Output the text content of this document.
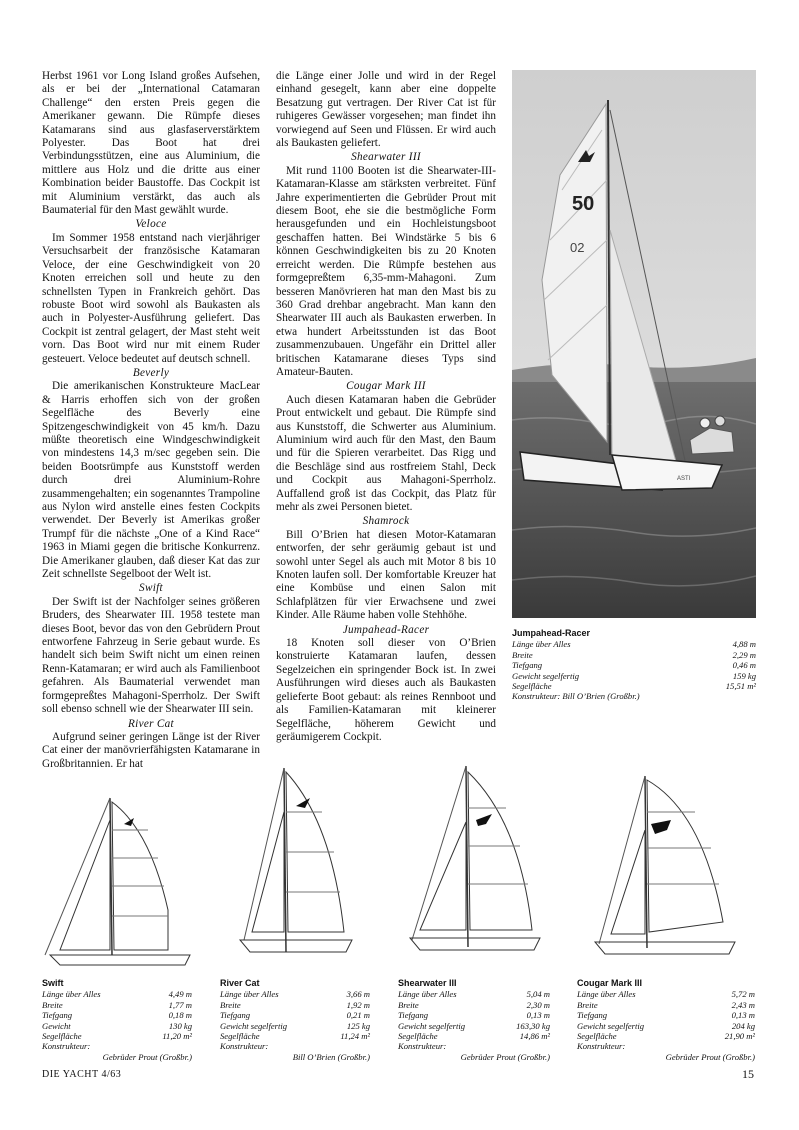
Herbst 1961 vor Long Island großes Aufsehen, als er bei der „International Catamaran Challenge“ den ersten Preis gegen die Amerikaner gewann. Die Rümpfe dieses Katamarans sind aus glasfaserverstärktem Polyester. Das Boot hat drei Verbindungsstützen, eine aus Aluminium, die mittlere aus Holz und die dritte aus einer Kombination beider Baustoffe. Das Cockpit ist mit Aluminium verstärkt, das auch als Baumaterial für den Mast gewählt wurde.

Veloce

Im Sommer 1958 entstand nach vierjähriger Versuchsarbeit der französische Katamaran Veloce, der eine Geschwindigkeit von 20 Knoten erreichen soll und heute zu den schnellsten Typen in Frankreich gehört. Das robuste Boot wird sowohl als Baukasten als auch in Polyester-Ausführung geliefert. Das Cockpit ist zentral gelagert, der Mast steht weit vorn. Das Boot wird nur mit einem Ruder gesteuert. Veloce bedeutet auf deutsch schnell.

Beverly

Die amerikanischen Konstrukteure MacLear & Harris erhoffen sich von der großen Segelfläche des Beverly eine Spitzengeschwindigkeit von 45 km/h. Dazu müßte theoretisch eine Windgeschwindigkeit von mindestens 14,3 m/sec gegeben sein. Die beiden Bootsrümpfe aus Kunststoff werden durch drei Aluminium-Rohre zusammengehalten; ein sogenanntes Trampoline aus Nylon wird anstelle eines festen Cockpits verwendet. Der Beverly ist Amerikas großer Trumpf für die nächste „One of a Kind Race“ 1963 in Miami gegen die britische Konkurrenz. Die Amerikaner glauben, daß dieser Kat das zur Zeit schnellste Segelboot der Welt ist.

Swift

Der Swift ist der Nachfolger seines größeren Bruders, des Shearwater III. 1958 testete man dieses Boot, bevor das von den Gebrüdern Prout entworfene Fahrzeug in Serie gebaut wurde. Es handelt sich beim Swift nicht um einen reinen Renn-Katamaran; er wird auch als Familienboot gefahren. Als Baumaterial verwendet man formgepreßtes Mahagoni-Sperrholz. Der Swift soll ebenso schnell wie der Shearwater III sein.

River Cat

Aufgrund seiner geringen Länge ist der River Cat einer der manövrierfähigsten Katamarane in Großbritannien. Er hat

die Länge einer Jolle und wird in der Regel einhand gesegelt, kann aber eine doppelte Besatzung gut vertragen. Der River Cat ist für ruhigeres Gewässer vorgesehen; man findet ihn vorwiegend auf Seen und Flüssen. Er wird auch als Baukasten geliefert.

Shearwater III

Mit rund 1100 Booten ist die Shearwater-III-Katamaran-Klasse am stärksten verbreitet. Fünf Jahre experimentierten die Gebrüder Prout mit diesem Boot, ehe sie die bestmögliche Form herausgefunden und ein Hochleistungsboot geschaffen hatten. Bei Windstärke 5 bis 6 können Geschwindigkeiten bis zu 20 Knoten erreicht werden. Die Rümpfe bestehen aus formgepreßtem 6,35-mm-Mahagoni. Zum besseren Manövrieren hat man den Mast bis zu 360 Grad drehbar angebracht. Man kann den Shearwater III auch als Baukasten erwerben. In etwa hundert Arbeitsstunden ist das Boot zusammenzubauen. Ungefähr ein Drittel aller britischen Katamarane dieses Typs sind Amateur-Bauten.

Cougar Mark III

Auch diesen Katamaran haben die Gebrüder Prout entwickelt und gebaut. Die Rümpfe sind aus Kunststoff, die Schwerter aus Aluminium. Aluminium wird auch für den Mast, den Baum und für die Spieren verarbeitet. Das Rigg und die Beschläge sind aus rostfreiem Stahl, Deck und Cockpit aus Mahagoni-Sperrholz. Auffallend groß ist das Cockpit, das Platz für mehr als zwei Personen bietet.

Shamrock

Bill O’Brien hat diesen Motor-Katamaran entworfen, der sehr geräumig gebaut ist und sowohl unter Segel als auch mit Motor 8 bis 10 Knoten laufen soll. Der komfortable Kreuzer hat eine Kombüse und einen Salon mit Schlafplätzen für vier Erwachsene und zwei Kinder. Alle Räume haben volle Stehhöhe.

Jumpahead-Racer

18 Knoten soll dieser von O’Brien konstruierte Katamaran laufen, dessen Segelzeichen ein springender Bock ist. In zwei Ausführungen wird dieses auch als Baukasten gelieferte Boot gebaut: als reines Rennboot und als Familien-Katamaran mit kleinerer Segelfläche, höherem Gewicht und geräumigerem Cockpit.

50
02
ASTI
Jumpahead-Racer
Länge über Alles	4,88 m
Breite	2,29 m
Tiefgang	0,46 m
Gewicht segelfertig	159 kg
Segelfläche	15,51 m²
Konstrukteur: Bill O’Brien (Großbr.)
Swift
Länge über Alles	4,49 m
Breite	1,77 m
Tiefgang	0,18 m
Gewicht	130 kg
Segelfläche	11,20 m²
Konstrukteur:
Gebrüder Prout (Großbr.)
River Cat
Länge über Alles	3,66 m
Breite	1,92 m
Tiefgang	0,21 m
Gewicht segelfertig	125 kg
Segelfläche	11,24 m²
Konstrukteur:
Bill O’Brien (Großbr.)
Shearwater III
Länge über Alles	5,04 m
Breite	2,30 m
Tiefgang	0,13 m
Gewicht segelfertig	163,30 kg
Segelfläche	14,86 m²
Konstrukteur:
Gebrüder Prout (Großbr.)
Cougar Mark III
Länge über Alles	5,72 m
Breite	2,43 m
Tiefgang	0,13 m
Gewicht segelfertig	204 kg
Segelfläche	21,90 m²
Konstrukteur:
Gebrüder Prout (Großbr.)
DIE YACHT 4/63	15
